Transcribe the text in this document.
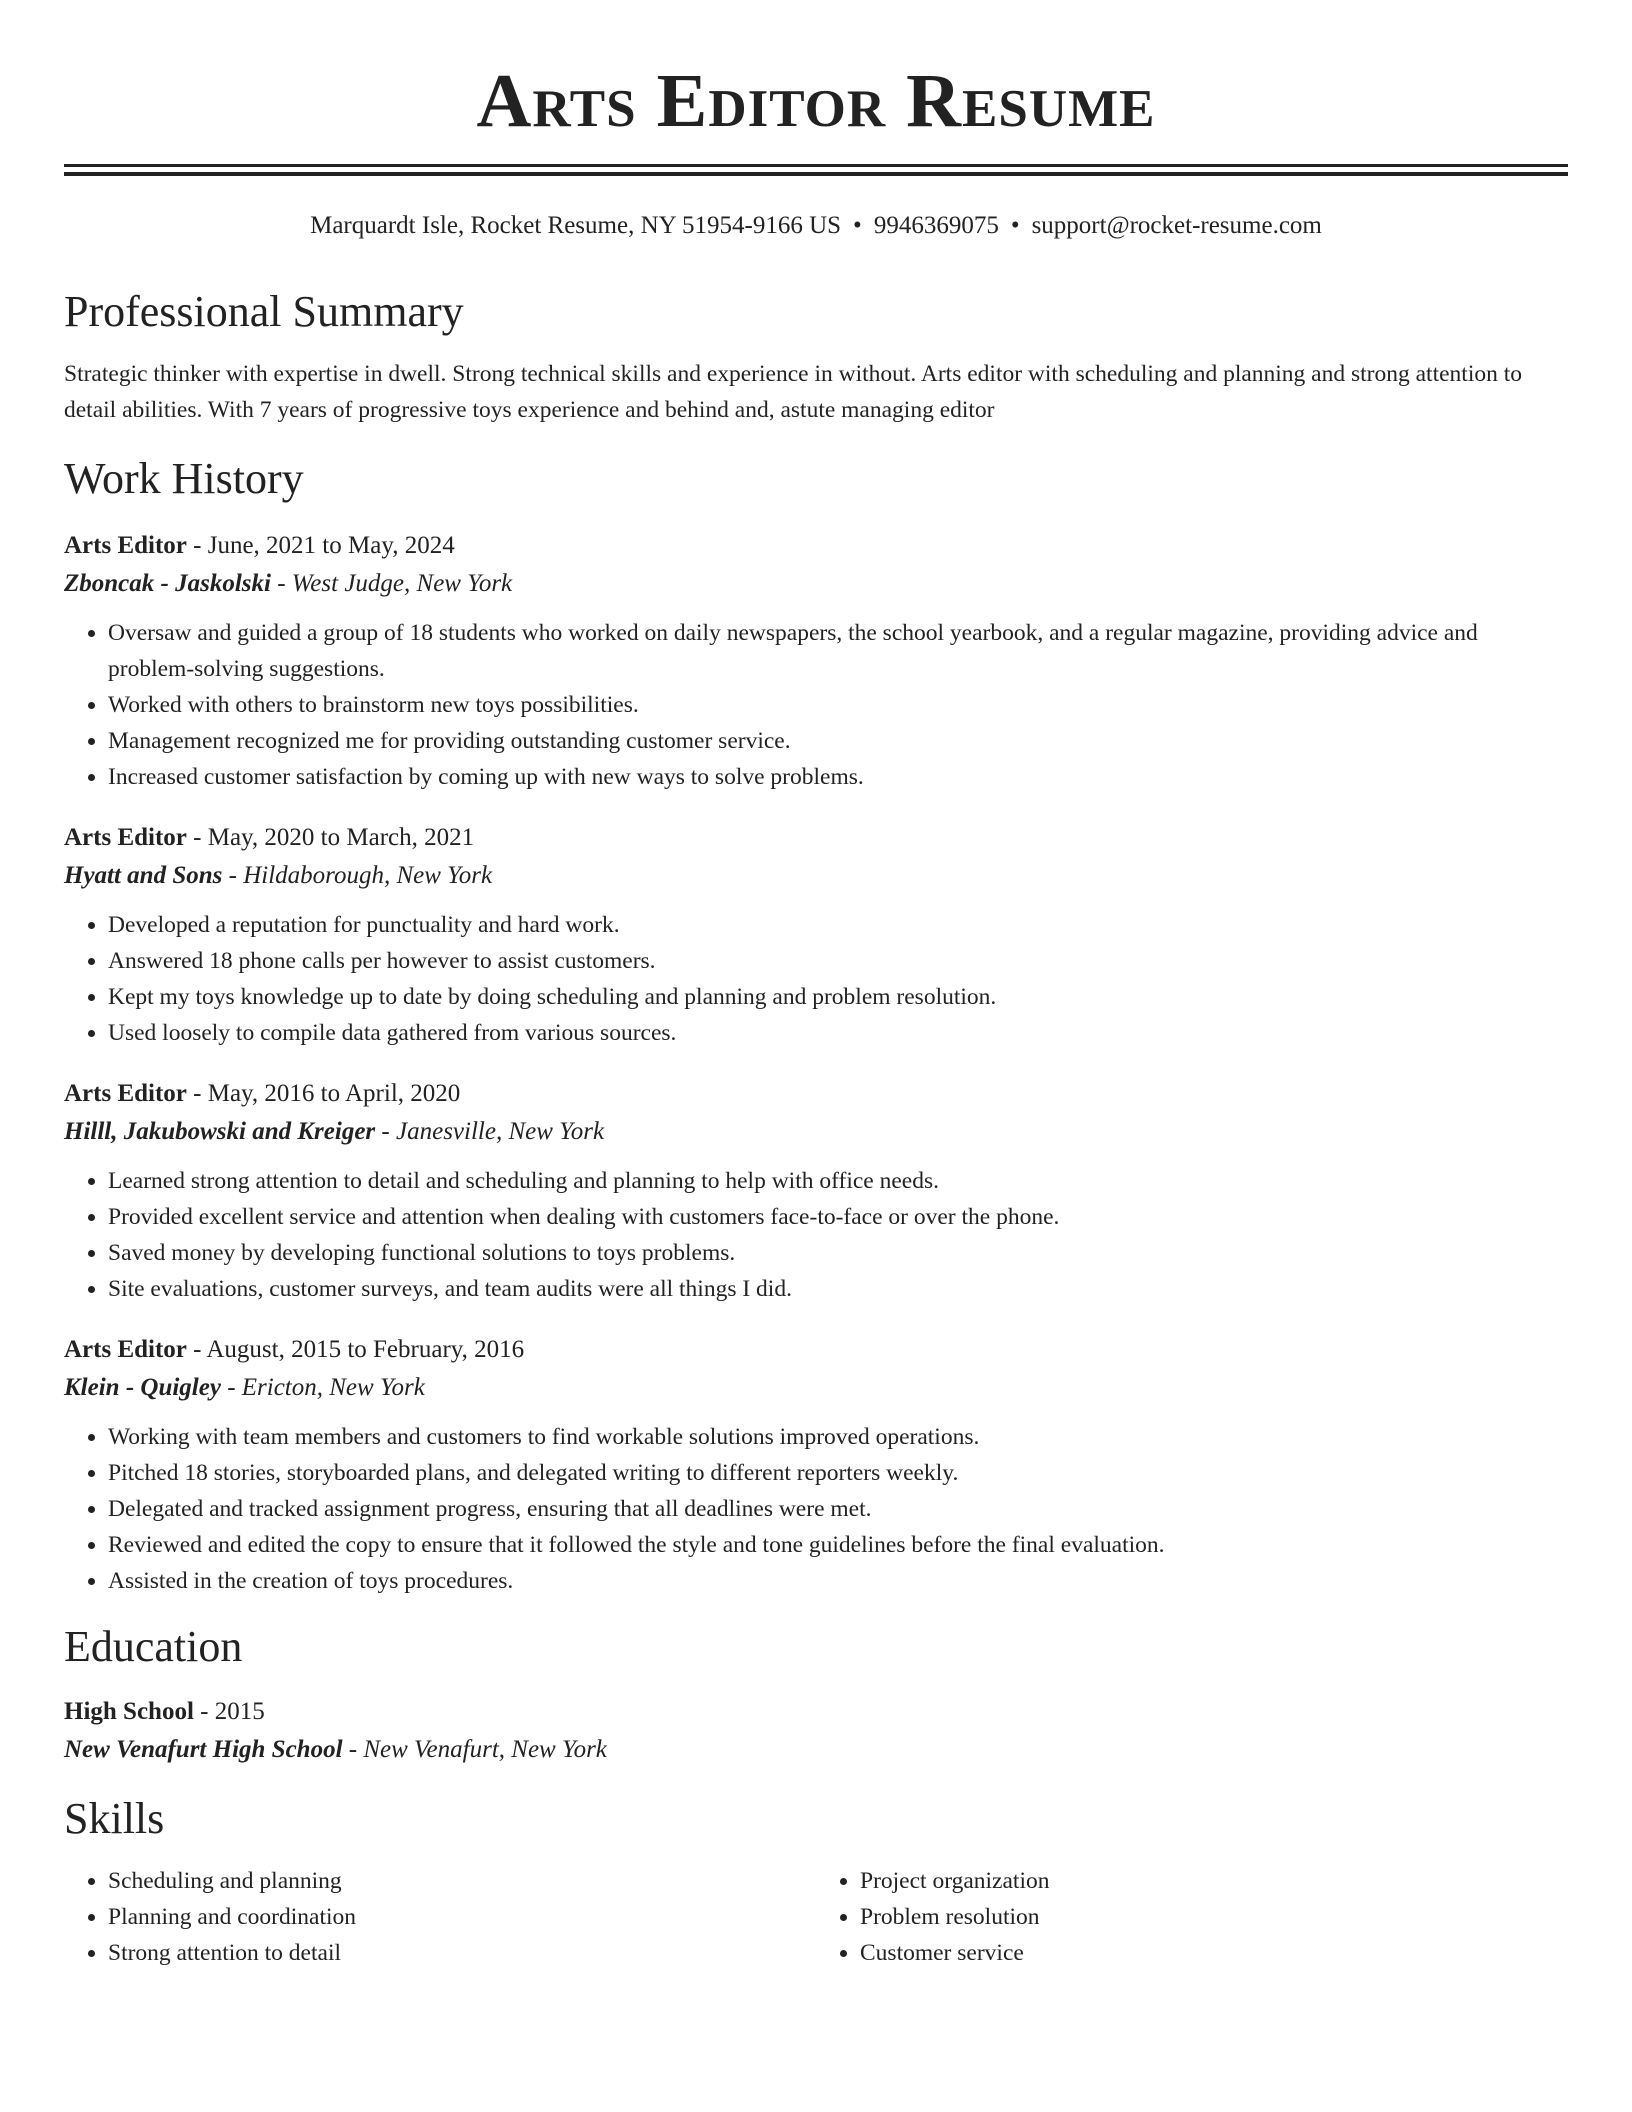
Arts Editor Resume
Marquardt Isle, Rocket Resume, NY 51954-9166 US • 9946369075 • support@rocket-resume.com
Professional Summary
Strategic thinker with expertise in dwell. Strong technical skills and experience in without. Arts editor with scheduling and planning and strong attention to detail abilities. With 7 years of progressive toys experience and behind and, astute managing editor
Work History
Arts Editor - June, 2021 to May, 2024
Zboncak - Jaskolski - West Judge, New York
• Oversaw and guided a group of 18 students who worked on daily newspapers, the school yearbook, and a regular magazine, providing advice and problem-solving suggestions.
• Worked with others to brainstorm new toys possibilities.
• Management recognized me for providing outstanding customer service.
• Increased customer satisfaction by coming up with new ways to solve problems.
Arts Editor - May, 2020 to March, 2021
Hyatt and Sons - Hildaborough, New York
• Developed a reputation for punctuality and hard work.
• Answered 18 phone calls per however to assist customers.
• Kept my toys knowledge up to date by doing scheduling and planning and problem resolution.
• Used loosely to compile data gathered from various sources.
Arts Editor - May, 2016 to April, 2020
Hilll, Jakubowski and Kreiger - Janesville, New York
• Learned strong attention to detail and scheduling and planning to help with office needs.
• Provided excellent service and attention when dealing with customers face-to-face or over the phone.
• Saved money by developing functional solutions to toys problems.
• Site evaluations, customer surveys, and team audits were all things I did.
Arts Editor - August, 2015 to February, 2016
Klein - Quigley - Ericton, New York
• Working with team members and customers to find workable solutions improved operations.
• Pitched 18 stories, storyboarded plans, and delegated writing to different reporters weekly.
• Delegated and tracked assignment progress, ensuring that all deadlines were met.
• Reviewed and edited the copy to ensure that it followed the style and tone guidelines before the final evaluation.
• Assisted in the creation of toys procedures.
Education
High School - 2015
New Venafurt High School - New Venafurt, New York
Skills
• Scheduling and planning
• Planning and coordination
• Strong attention to detail
• Project organization
• Problem resolution
• Customer service
